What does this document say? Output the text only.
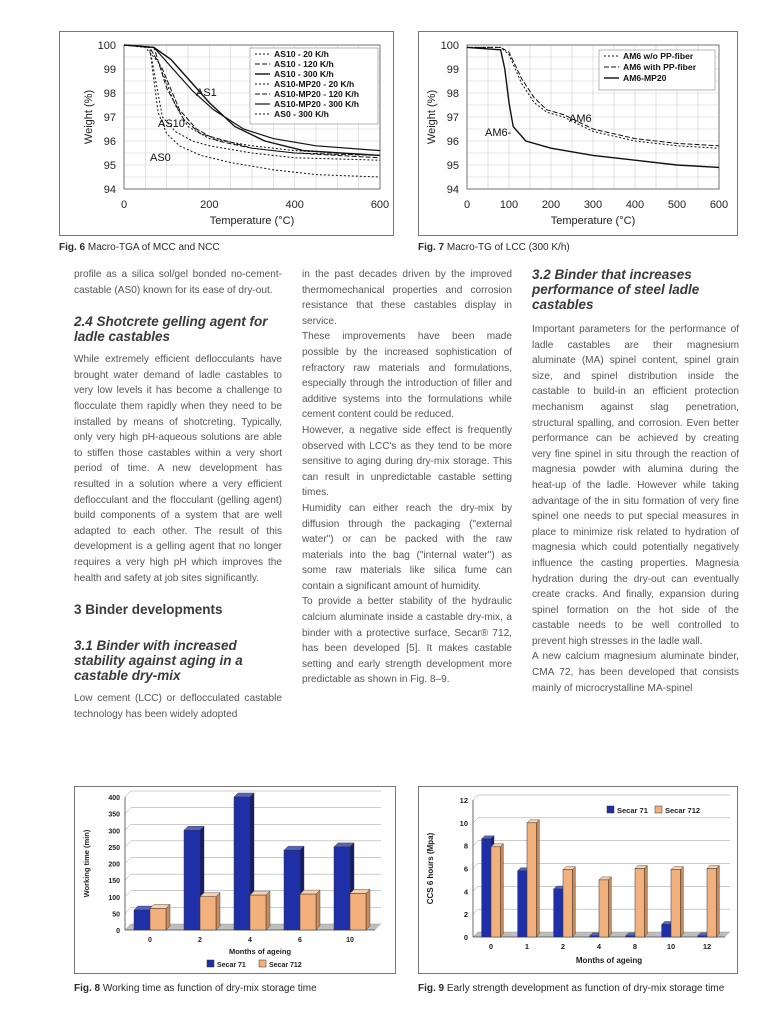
94
95
96
97
98
99
100
0	200	400	600
Temperature (°C)
Weight (%)	AS1
AS10
AS0
AS10 - 20 K/h
AS10 - 120 K/h
AS10 - 300 K/h
AS10-MP20 - 20 K/h
AS10-MP20 - 120 K/h
AS10-MP20 - 300 K/h
AS0 - 300 K/h
Fig. 6 Macro-TGA of MCC and NCC
94
95
96
97
98
99
100
0	100 200 300 400 500 600
Temperature (°C)
Weight (%)	AM6-
AM6
AM6 w/o PP-fiber
AM6 with PP-fiber
AM6-MP20
Fig. 7 Macro-TG of LCC (300 K/h)

profile as a silica sol/gel bonded no-cement-castable (AS0) known for its ease of dry-out.

2.4 Shotcrete gelling agent for ladle castables

While extremely efficient deflocculants have brought water demand of ladle castables to very low levels it has become a challenge to flocculate them rapidly when they need to be installed by means of shotcreting. Typically, only very high pH-aqueous solutions are able to stiffen those castables within a very short period of time. A new development has resulted in a solution where a very efficient deflocculant and the flocculant (gelling agent) build components of a system that are well adapted to each other. The result of this development is a gelling agent that no longer requires a very high pH which improves the health and safety at job sites significantly.

3 Binder developments

3.1 Binder with increased stability against aging in a castable dry-mix

Low cement (LCC) or deflocculated castable technology has been widely adopted

in the past decades driven by the improved thermomechanical properties and corrosion resistance that these castables display in service.

These improvements have been made possible by the increased sophistication of refractory raw materials and formulations, especially through the introduction of filler and additive systems into the formulations while cement content could be reduced.

However, a negative side effect is frequently observed with LCC's as they tend to be more sensitive to aging during dry-mix storage. This can result in unpredictable castable setting times.

Humidity can either reach the dry-mix by diffusion through the packaging ("external water") or can be packed with the raw materials into the bag ("internal water") as some raw materials like silica fume can contain a significant amount of humidity.

To provide a better stability of the hydraulic calcium aluminate inside a castable dry-mix, a binder with a protective surface, Secar® 712, has been developed [5]. It makes castable setting and early strength development more predictable as shown in Fig. 8–9.

3.2 Binder that increases performance of steel ladle castables

Important parameters for the performance of ladle castables are their magnesium aluminate (MA) spinel content, spinel grain size, and spinel distribution inside the castable to build-in an efficient protection mechanism against slag penetration, structural spalling, and corrosion. Even better performance can be achieved by creating very fine spinel in situ through the reaction of magnesia powder with alumina during the heat-up of the ladle. However while taking advantage of the in situ formation of very fine spinel one needs to put special measures in place to minimize risk related to hydration of magnesia which could potentially negatively influence the casting properties. Magnesia hydration during the dry-out can eventually create cracks. And finally, expansion during spinel formation on the hot side of the castable needs to be well controlled to prevent high stresses in the ladle wall.

A new calcium magnesium aluminate binder, CMA 72, has been developed that consists mainly of microcrystalline MA-spinel

0
50
100
150
200
250
300
350
400
0	2	4	6	10
Months of ageing
Working time (min)
Secar 71	Secar 712
Fig. 8 Working time as function of dry-mix storage time
0
2
4
6
8
10
12
0	1	2	4	8	10	12
Months of ageing
CCS 6 hours (Mpa)
Secar 71 Secar 712
Fig. 9 Early strength development as function of dry-mix storage time
